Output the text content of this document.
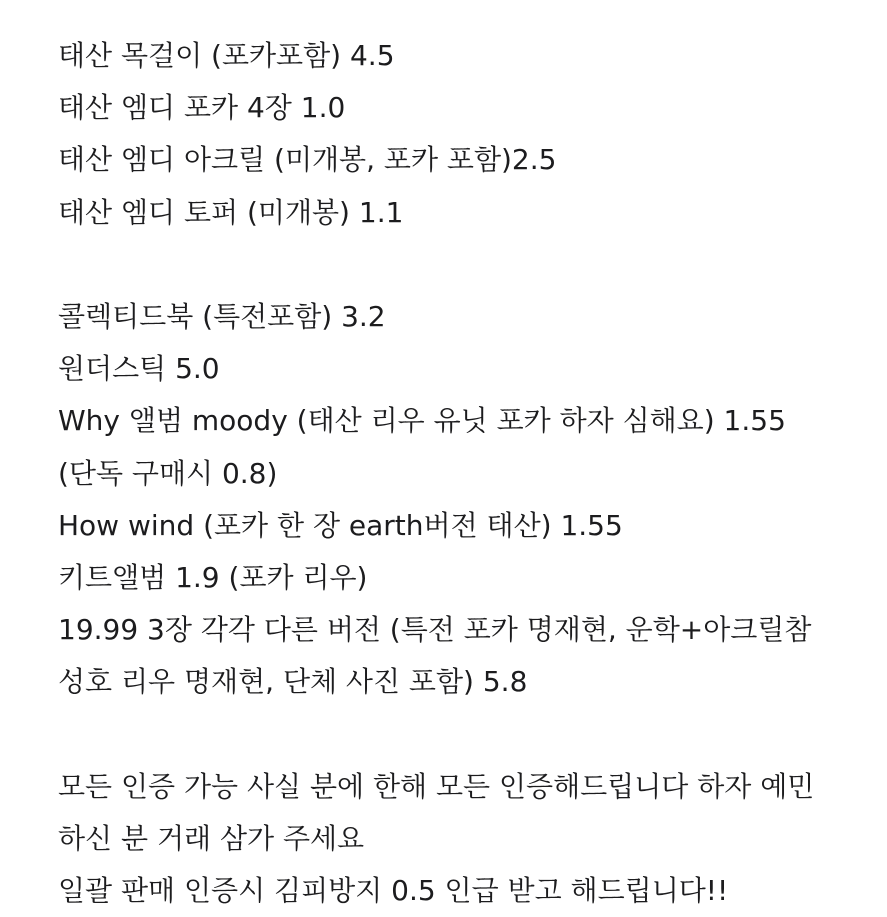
태산 목걸이 (포카포함) 4.5
태산 엠디 포카 4장 1.0
태산 엠디 아크릴 (미개봉, 포카 포함)2.5
태산 엠디 토퍼 (미개봉) 1.1
콜렉티드북 (특전포함) 3.2
원더스틱 5.0
Why 앨범 moody (태산 리우 유닛 포카 하자 심해요) 1.55
(단독 구매시 0.8)
How wind (포카 한 장 earth버전 태산) 1.55
키트앨범 1.9 (포카 리우)
19.99 3장 각각 다른 버전 (특전 포카 명재현, 운학+아크릴참
성호 리우 명재현, 단체 사진 포함) 5.8
모든 인증 가능 사실 분에 한해 모든 인증해드립니다 하자 예민
하신 분 거래 삼가 주세요
일괄 판매 인증시 김피방지 0.5 인급 받고 해드립니다!!
